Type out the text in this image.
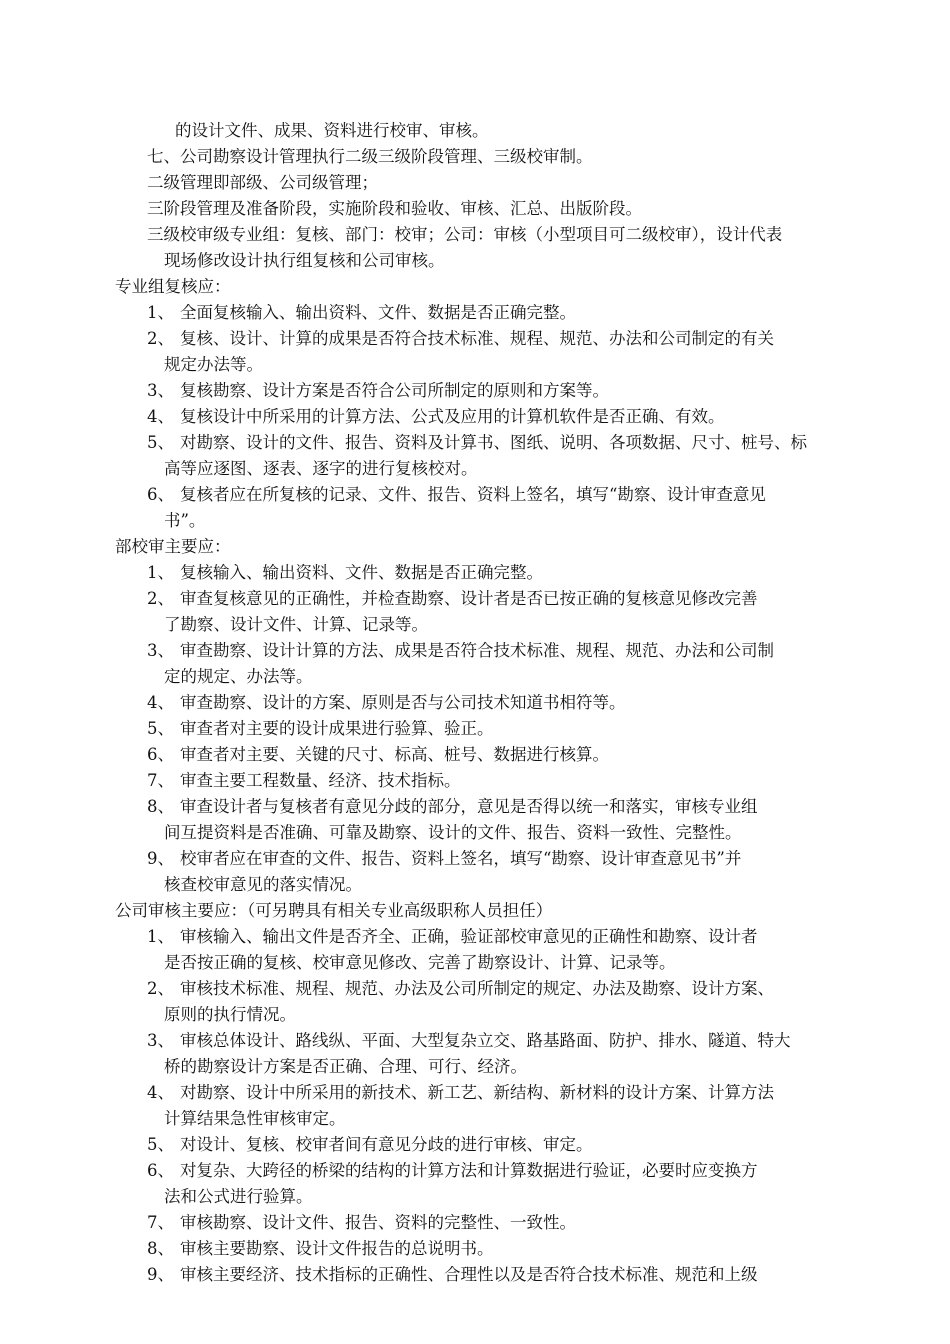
的设计文件、成果、资料进行校审、审核。
七、公司勘察设计管理执行二级三级阶段管理、三级校审制。
二级管理即部级、公司级管理；
三阶段管理及准备阶段，实施阶段和验收、审核、汇总、出版阶段。
三级校审级专业组：复核、部门：校审；公司：审核（小型项目可二级校审），设计代表
现场修改设计执行组复核和公司审核。
专业组复核应：
1、 全面复核输入、输出资料、文件、数据是否正确完整。
2、 复核、设计、计算的成果是否符合技术标准、规程、规范、办法和公司制定的有关
规定办法等。
3、 复核勘察、设计方案是否符合公司所制定的原则和方案等。
4、 复核设计中所采用的计算方法、公式及应用的计算机软件是否正确、有效。
5、 对勘察、设计的文件、报告、资料及计算书、图纸、说明、各项数据、尺寸、桩号、标
高等应逐图、逐表、逐字的进行复核校对。
6、 复核者应在所复核的记录、文件、报告、资料上签名，填写“勘察、设计审查意见
书”。
部校审主要应：
1、 复核输入、输出资料、文件、数据是否正确完整。
2、 审查复核意见的正确性，并检查勘察、设计者是否已按正确的复核意见修改完善
了勘察、设计文件、计算、记录等。
3、 审查勘察、设计计算的方法、成果是否符合技术标准、规程、规范、办法和公司制
定的规定、办法等。
4、 审查勘察、设计的方案、原则是否与公司技术知道书相符等。
5、 审查者对主要的设计成果进行验算、验正。
6、 审查者对主要、关键的尺寸、标高、桩号、数据进行核算。
7、 审查主要工程数量、经济、技术指标。
8、 审查设计者与复核者有意见分歧的部分，意见是否得以统一和落实，审核专业组
间互提资料是否准确、可靠及勘察、设计的文件、报告、资料一致性、完整性。
9、 校审者应在审查的文件、报告、资料上签名，填写“勘察、设计审查意见书”并
核查校审意见的落实情况。
公司审核主要应：（可另聘具有相关专业高级职称人员担任）
1、 审核输入、输出文件是否齐全、正确，验证部校审意见的正确性和勘察、设计者
是否按正确的复核、校审意见修改、完善了勘察设计、计算、记录等。
2、 审核技术标准、规程、规范、办法及公司所制定的规定、办法及勘察、设计方案、
原则的执行情况。
3、 审核总体设计、路线纵、平面、大型复杂立交、路基路面、防护、排水、隧道、特大
桥的勘察设计方案是否正确、合理、可行、经济。
4、 对勘察、设计中所采用的新技术、新工艺、新结构、新材料的设计方案、计算方法
计算结果急性审核审定。
5、 对设计、复核、校审者间有意见分歧的进行审核、审定。
6、 对复杂、大跨径的桥梁的结构的计算方法和计算数据进行验证，必要时应变换方
法和公式进行验算。
7、 审核勘察、设计文件、报告、资料的完整性、一致性。
8、 审核主要勘察、设计文件报告的总说明书。
9、 审核主要经济、技术指标的正确性、合理性以及是否符合技术标准、规范和上级
